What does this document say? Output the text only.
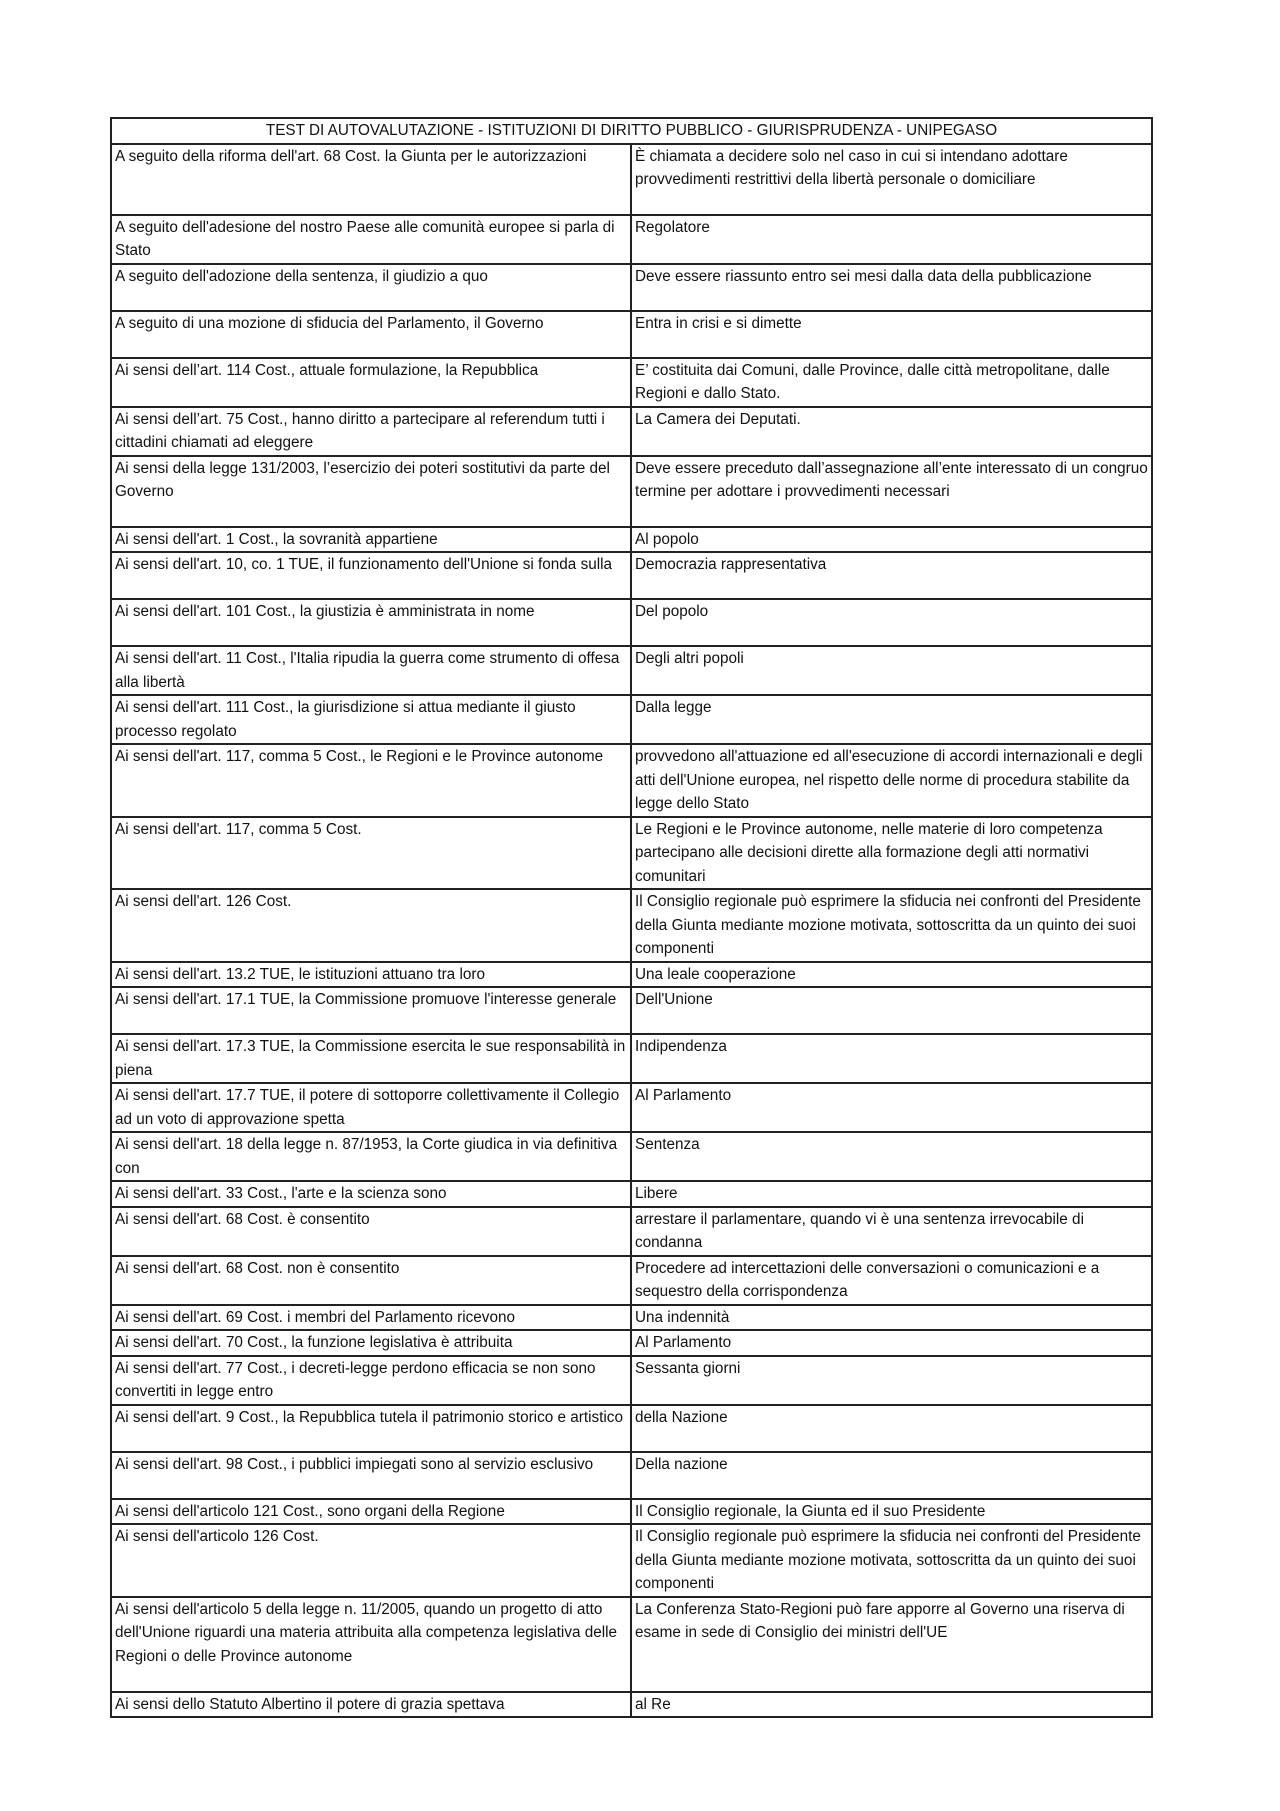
TEST DI AUTOVALUTAZIONE - ISTITUZIONI DI DIRITTO PUBBLICO - GIURISPRUDENZA - UNIPEGASO	
A seguito della riforma dell'art. 68 Cost. la Giunta per le autorizzazioni	È chiamata a decidere solo nel caso in cui si intendano adottare provvedimenti restrittivi della libertà personale o domiciliare
A seguito dell'adesione del nostro Paese alle comunità europee si parla di Stato	Regolatore
A seguito dell'adozione della sentenza, il giudizio a quo	Deve essere riassunto entro sei mesi dalla data della pubblicazione
A seguito di una mozione di sfiducia del Parlamento, il Governo	Entra in crisi e si dimette
Ai sensi dell’art. 114 Cost., attuale formulazione, la Repubblica	E’ costituita dai Comuni, dalle Province, dalle città metropolitane, dalle Regioni e dallo Stato.
Ai sensi dell’art. 75 Cost., hanno diritto a partecipare al referendum tutti i cittadini chiamati ad eleggere	La Camera dei Deputati.
Ai sensi della legge 131/2003, l’esercizio dei poteri sostitutivi da parte del Governo	Deve essere preceduto dall’assegnazione all’ente interessato di un congruo termine per adottare i provvedimenti necessari
Ai sensi dell'art. 1 Cost., la sovranità appartiene	Al popolo
Ai sensi dell'art. 10, co. 1 TUE, il funzionamento dell'Unione si fonda sulla	Democrazia rappresentativa
Ai sensi dell'art. 101 Cost., la giustizia è amministrata in nome	Del popolo
Ai sensi dell'art. 11 Cost., l'Italia ripudia la guerra come strumento di offesa alla libertà	Degli altri popoli
Ai sensi dell'art. 111 Cost., la giurisdizione si attua mediante il giusto processo regolato	Dalla legge
Ai sensi dell'art. 117, comma 5 Cost., le Regioni e le Province autonome	provvedono all'attuazione ed all'esecuzione di accordi internazionali e degli atti dell'Unione europea, nel rispetto delle norme di procedura stabilite da legge dello Stato
Ai sensi dell'art. 117, comma 5 Cost.	Le Regioni e le Province autonome, nelle materie di loro competenza partecipano alle decisioni dirette alla formazione degli atti normativi comunitari
Ai sensi dell'art. 126 Cost.	Il Consiglio regionale può esprimere la sfiducia nei confronti del Presidente della Giunta mediante mozione motivata, sottoscritta da un quinto dei suoi componenti
Ai sensi dell'art. 13.2 TUE, le istituzioni attuano tra loro	Una leale cooperazione
Ai sensi dell'art. 17.1 TUE, la Commissione promuove l'interesse generale	Dell'Unione
Ai sensi dell'art. 17.3 TUE, la Commissione esercita le sue responsabilità in piena	Indipendenza
Ai sensi dell'art. 17.7 TUE, il potere di sottoporre collettivamente il Collegio ad un voto di approvazione spetta	Al Parlamento
Ai sensi dell'art. 18 della legge n. 87/1953, la Corte giudica in via definitiva con	Sentenza
Ai sensi dell'art. 33 Cost., l'arte e la scienza sono	Libere
Ai sensi dell'art. 68 Cost. è consentito	arrestare il parlamentare, quando vi è una sentenza irrevocabile di condanna
Ai sensi dell'art. 68 Cost. non è consentito	Procedere ad intercettazioni delle conversazioni o comunicazioni e a sequestro della corrispondenza
Ai sensi dell'art. 69 Cost. i membri del Parlamento ricevono	Una indennità
Ai sensi dell'art. 70 Cost., la funzione legislativa è attribuita	Al Parlamento
Ai sensi dell'art. 77 Cost., i decreti-legge perdono efficacia se non sono convertiti in legge entro	Sessanta giorni
Ai sensi dell'art. 9 Cost., la Repubblica tutela il patrimonio storico e artistico	della Nazione
Ai sensi dell'art. 98 Cost., i pubblici impiegati sono al servizio esclusivo	Della nazione
Ai sensi dell'articolo 121 Cost., sono organi della Regione	Il Consiglio regionale, la Giunta ed il suo Presidente
Ai sensi dell'articolo 126 Cost.	Il Consiglio regionale può esprimere la sfiducia nei confronti del Presidente della Giunta mediante mozione motivata, sottoscritta da un quinto dei suoi componenti
Ai sensi dell'articolo 5 della legge n. 11/2005, quando un progetto di atto dell'Unione riguardi una materia attribuita alla competenza legislativa delle Regioni o delle Province autonome	La Conferenza Stato-Regioni può fare apporre al Governo una riserva di esame in sede di Consiglio dei ministri dell'UE
Ai sensi dello Statuto Albertino il potere di grazia spettava	al Re
